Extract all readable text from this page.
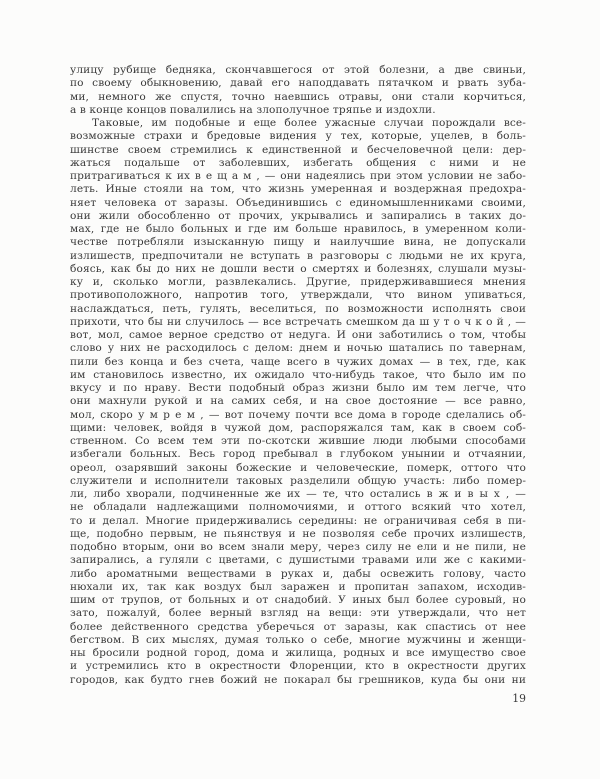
улицу рубище бедняка, скончавшегося от этой болезни, а две свиньи,
по своему обыкновению, давай его наподдавать пятачком и рвать зуба-
ми, немного же спустя, точно наевшись отравы, они стали корчиться,
а в конце концов повалились на злополучное тряпье и издохли.
Таковые, им подобные и еще более ужасные случаи порождали все-
возможные страхи и бредовые видения у тех, которые, уцелев, в боль-
шинстве своем стремились к единственной и бесчеловечной цели: дер-
жаться подальше от заболевших, избегать общения с ними и не
притрагиваться к их в е щ а м , — они надеялись при этом условии не забо-
леть. Иные стояли на том, что жизнь умеренная и воздержная предохра-
няет человека от заразы. Объединившись с единомышленниками своими,
они жили обособленно от прочих, укрывались и запирались в таких до-
мах, где не было больных и где им больше нравилось, в умеренном коли-
честве потребляли изысканную пищу и наилучшие вина, не допускали
излишеств, предпочитали не вступать в разговоры с людьми не их круга,
боясь, как бы до них не дошли вести о смертях и болезнях, слушали музы-
ку и, сколько могли, развлекались. Другие, придерживавшиеся мнения
противоположного, напротив того, утверждали, что вином упиваться,
наслаждаться, петь, гулять, веселиться, по возможности исполнять свои
прихоти, что бы ни случилось — все встречать смешком да ш у т о ч к о й , —
вот, мол, самое верное средство от недуга. И они заботились о том, чтобы
слово у них не расходилось с делом: днем и ночью шатались по тавернам,
пили без конца и без счета, чаще всего в чужих домах — в тех, где, как
им становилось известно, их ожидало что-нибудь такое, что было им по
вкусу и по нраву. Вести подобный образ жизни было им тем легче, что
они махнули рукой и на самих себя, и на свое достояние — все равно,
мол, скоро у м р е м , — вот почему почти все дома в городе сделались об-
щими: человек, войдя в чужой дом, распоряжался там, как в своем соб-
ственном. Со всем тем эти по-скотски жившие люди любыми способами
избегали больных. Весь город пребывал в глубоком унынии и отчаянии,
ореол, озарявший законы божеские и человеческие, померк, оттого что
служители и исполнители таковых разделили общую участь: либо помер-
ли, либо хворали, подчиненные же их — те, что остались в ж и в ы х , —
не обладали надлежащими полномочиями, и оттого всякий что хотел,
то и делал. Многие придерживались середины: не ограничивая себя в пи-
ще, подобно первым, не пьянствуя и не позволяя себе прочих излишеств,
подобно вторым, они во всем знали меру, через силу не ели и не пили, не
запирались, а гуляли с цветами, с душистыми травами или же с какими-
либо ароматными веществами в руках и, дабы освежить голову, часто
нюхали их, так как воздух был заражен и пропитан запахом, исходив-
шим от трупов, от больных и от снадобий. У иных был более суровый, но
зато, пожалуй, более верный взгляд на вещи: эти утверждали, что нет
более действенного средства уберечься от заразы, как спастись от нее
бегством. В сих мыслях, думая только о себе, многие мужчины и женщи-
ны бросили родной город, дома и жилища, родных и все имущество свое
и устремились кто в окрестности Флоренции, кто в окрестности других
городов, как будто гнев божий не покарал бы грешников, куда бы они ни
19
